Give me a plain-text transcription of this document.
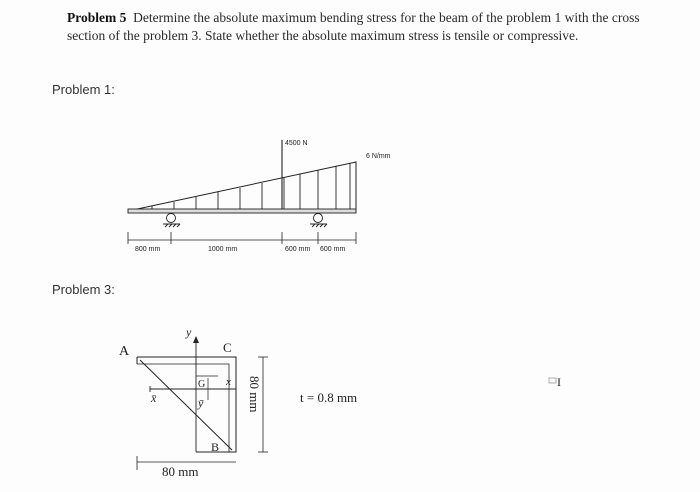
Problem 5 Determine the absolute maximum bending stress for the beam of the problem 1 with the cross section of the problem 3. State whether the absolute maximum stress is tensile or compressive.
Problem 1:
Problem 3:
4500 N
6 N/mm
800 mm	1000 mm	600 mm 600 mm
A	C
B
G
y
x
x̄	ȳ	80 mm
80 mm
t = 0.8 mm
I
